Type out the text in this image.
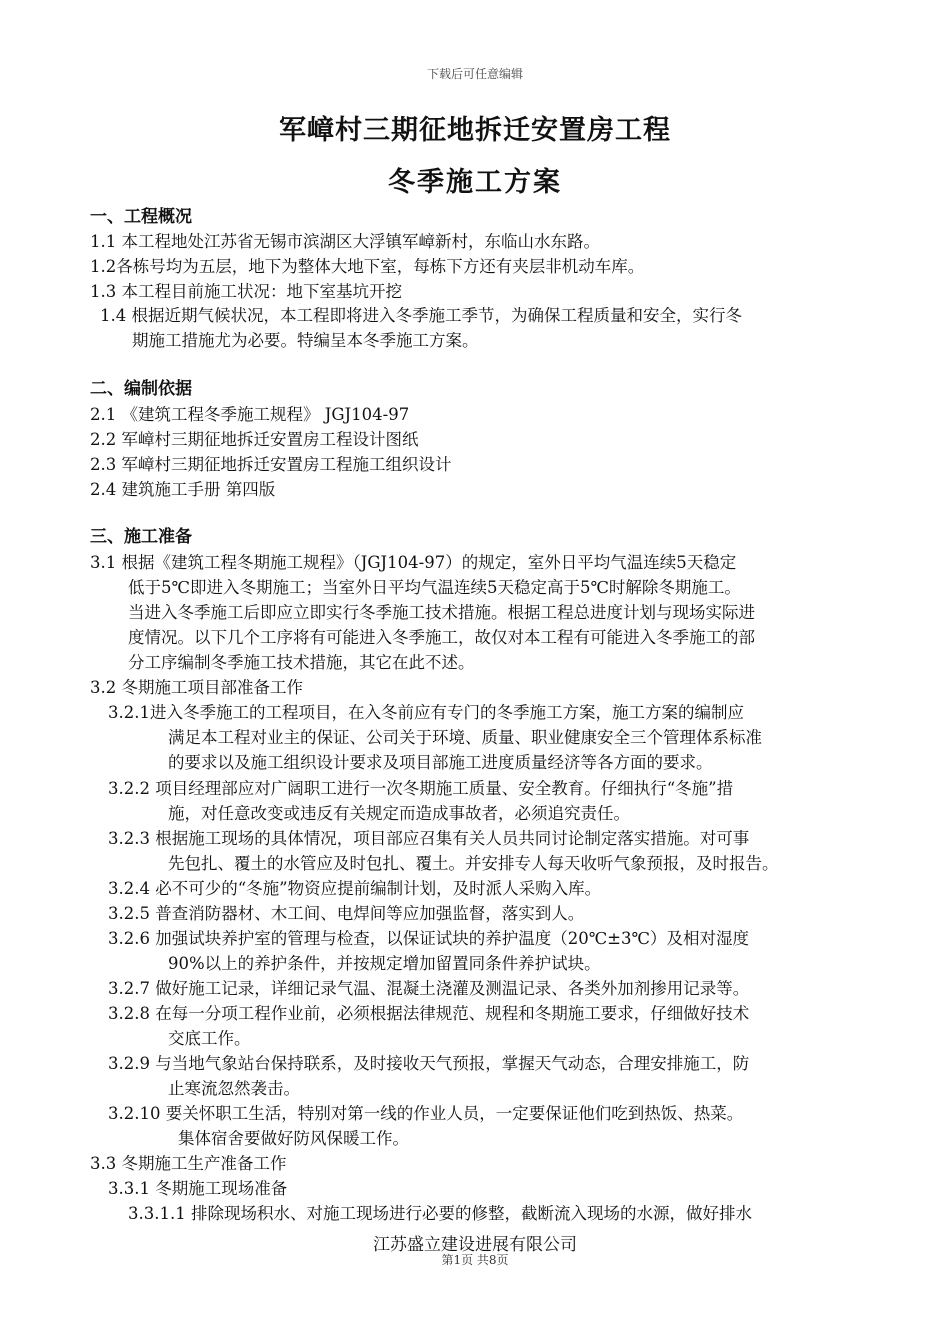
下载后可任意编辑
军嶂村三期征地拆迁安置房工程
冬季施工方案
一、工程概况
1.1 本工程地处江苏省无锡市滨湖区大浮镇军嶂新村，东临山水东路。
1.2各栋号均为五层，地下为整体大地下室，每栋下方还有夹层非机动车库。
1.3 本工程目前施工状况：地下室基坑开挖
1.4 根据近期气候状况，本工程即将进入冬季施工季节，为确保工程质量和安全，实行冬
期施工措施尤为必要。特编呈本冬季施工方案。
二、编制依据
2.1 《建筑工程冬季施工规程》 JGJ104-97
2.2 军嶂村三期征地拆迁安置房工程设计图纸
2.3 军嶂村三期征地拆迁安置房工程施工组织设计
2.4 建筑施工手册 第四版
三、施工准备
3.1 根据《建筑工程冬期施工规程》（JGJ104-97）的规定，室外日平均气温连续5天稳定
低于5℃即进入冬期施工；当室外日平均气温连续5天稳定高于5℃时解除冬期施工。
当进入冬季施工后即应立即实行冬季施工技术措施。根据工程总进度计划与现场实际进
度情况。以下几个工序将有可能进入冬季施工，故仅对本工程有可能进入冬季施工的部
分工序编制冬季施工技术措施，其它在此不述。
3.2 冬期施工项目部准备工作
3.2.1进入冬季施工的工程项目，在入冬前应有专门的冬季施工方案，施工方案的编制应
满足本工程对业主的保证、公司关于环境、质量、职业健康安全三个管理体系标准
的要求以及施工组织设计要求及项目部施工进度质量经济等各方面的要求。
3.2.2 项目经理部应对广阔职工进行一次冬期施工质量、安全教育。仔细执行“冬施”措
施，对任意改变或违反有关规定而造成事故者，必须追究责任。
3.2.3 根据施工现场的具体情况，项目部应召集有关人员共同讨论制定落实措施。对可事
先包扎、覆土的水管应及时包扎、覆土。并安排专人每天收听气象预报，及时报告。
3.2.4 必不可少的“冬施”物资应提前编制计划，及时派人采购入库。
3.2.5 普查消防器材、木工间、电焊间等应加强监督，落实到人。
3.2.6 加强试块养护室的管理与检查，以保证试块的养护温度（20℃±3℃）及相对湿度
90%以上的养护条件，并按规定增加留置同条件养护试块。
3.2.7 做好施工记录，详细记录气温、混凝土浇灌及测温记录、各类外加剂掺用记录等。
3.2.8 在每一分项工程作业前，必须根据法律规范、规程和冬期施工要求，仔细做好技术
交底工作。
3.2.9 与当地气象站台保持联系，及时接收天气预报，掌握天气动态，合理安排施工，防
止寒流忽然袭击。
3.2.10 要关怀职工生活，特别对第一线的作业人员，一定要保证他们吃到热饭、热菜。
集体宿舍要做好防风保暖工作。
3.3 冬期施工生产准备工作
3.3.1 冬期施工现场准备
3.3.1.1 排除现场积水、对施工现场进行必要的修整，截断流入现场的水源，做好排水
江苏盛立建设进展有限公司
第1页 共8页
